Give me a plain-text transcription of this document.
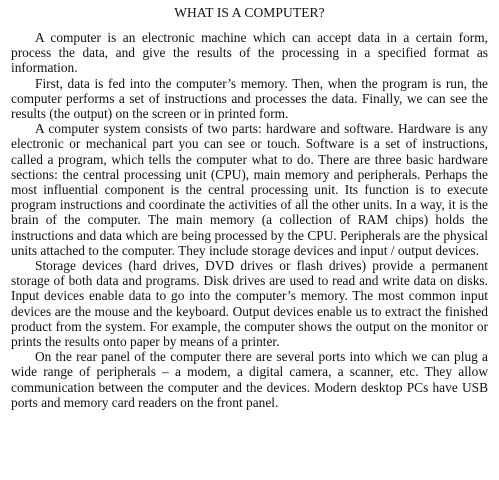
WHAT IS A COMPUTER?

A computer is an electronic machine which can accept data in a certain form, process the data, and give the results of the processing in a specified format as information.

First, data is fed into the computer’s memory. Then, when the program is run, the computer performs a set of instructions and processes the data. Finally, we can see the results (the output) on the screen or in printed form.

A computer system consists of two parts: hardware and software. Hardware is any electronic or mechanical part you can see or touch. Software is a set of instructions, called a program, which tells the computer what to do. There are three basic hardware sections: the central processing unit (CPU), main memory and peripherals. Perhaps the most influential component is the central processing unit. Its function is to execute program instructions and coordinate the activities of all the other units. In a way, it is the brain of the computer. The main memory (a collection of RAM chips) holds the instructions and data which are being processed by the CPU. Peripherals are the physical units attached to the computer. They include storage devices and input / output devices.

Storage devices (hard drives, DVD drives or flash drives) provide a permanent storage of both data and programs. Disk drives are used to read and write data on disks. Input devices enable data to go into the computer’s memory. The most common input devices are the mouse and the keyboard. Output devices enable us to extract the finished product from the system. For example, the computer shows the output on the monitor or prints the results onto paper by means of a printer.

On the rear panel of the computer there are several ports into which we can plug a wide range of peripherals – a modem, a digital camera, a scanner, etc. They allow communication between the computer and the devices. Modern desktop PCs have USB ports and memory card readers on the front panel.
